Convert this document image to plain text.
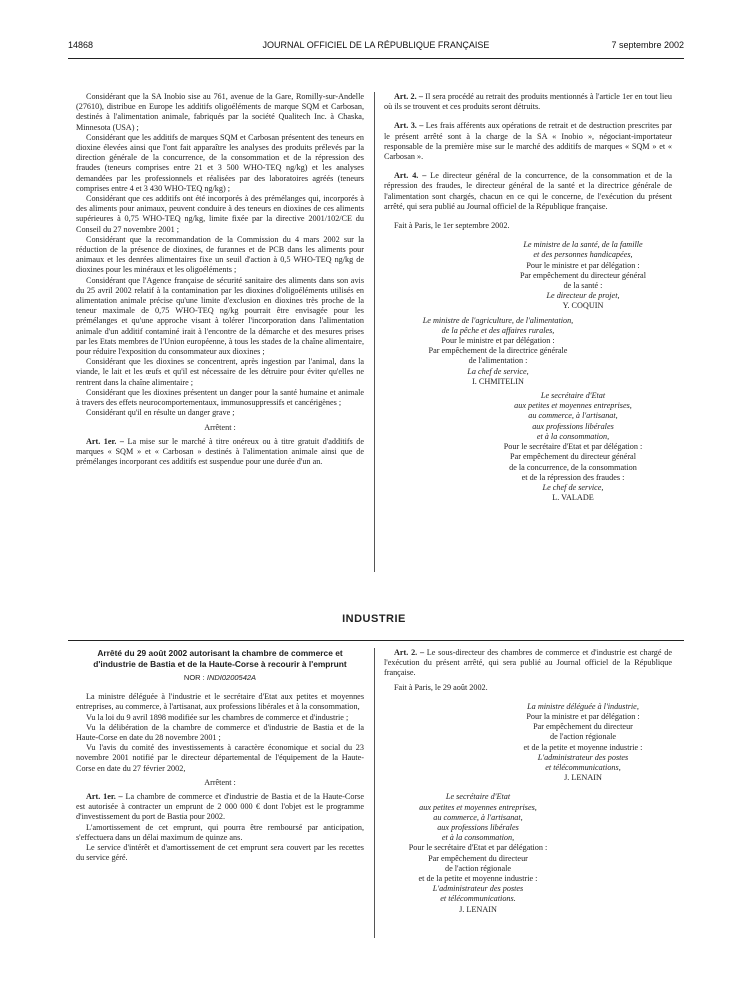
14868	JOURNAL OFFICIEL DE LA RÉPUBLIQUE FRANÇAISE	7 septembre 2002

Considérant que la SA Inobio sise au 761, avenue de la Gare, Romilly-sur-Andelle (27610), distribue en Europe les additifs oligoéléments de marque SQM et Carbosan, destinés à l'alimentation animale, fabriqués par la société Qualitech Inc. à Chaska, Minnesota (USA) ;

Considérant que les additifs de marques SQM et Carbosan présentent des teneurs en dioxine élevées ainsi que l'ont fait apparaître les analyses des produits prélevés par la direction générale de la concurrence, de la consommation et de la répression des fraudes (teneurs comprises entre 21 et 3 500 WHO-TEQ ng/kg) et les analyses demandées par les professionnels et réalisées par des laboratoires agréés (teneurs comprises entre 4 et 3 430 WHO-TEQ ng/kg) ;

Considérant que ces additifs ont été incorporés à des prémélanges qui, incorporés à des aliments pour animaux, peuvent conduire à des teneurs en dioxines de ces aliments supérieures à 0,75 WHO-TEQ ng/kg, limite fixée par la directive 2001/102/CE du Conseil du 27 novembre 2001 ;

Considérant que la recommandation de la Commission du 4 mars 2002 sur la réduction de la présence de dioxines, de furannes et de PCB dans les aliments pour animaux et les denrées alimentaires fixe un seuil d'action à 0,5 WHO-TEQ ng/kg de dioxines pour les minéraux et les oligoéléments ;

Considérant que l'Agence française de sécurité sanitaire des aliments dans son avis du 25 avril 2002 relatif à la contamination par les dioxines d'oligoéléments utilisés en alimentation animale précise qu'une limite d'exclusion en dioxines très proche de la teneur maximale de 0,75 WHO-TEQ ng/kg pourrait être envisagée pour les prémélanges et qu'une approche visant à tolérer l'incorporation dans l'alimentation animale d'un additif contaminé irait à l'encontre de la démarche et des mesures prises par les Etats membres de l'Union européenne, à tous les stades de la chaîne alimentaire, pour réduire l'exposition du consommateur aux dioxines ;

Considérant que les dioxines se concentrent, après ingestion par l'animal, dans la viande, le lait et les œufs et qu'il est nécessaire de les détruire pour éviter qu'elles ne rentrent dans la chaîne alimentaire ;

Considérant que les dioxines présentent un danger pour la santé humaine et animale à travers des effets neurocomportementaux, immunosuppressifs et cancérigènes ;

Considérant qu'il en résulte un danger grave ;

Arrêtent :

Art. 1er. – La mise sur le marché à titre onéreux ou à titre gratuit d'additifs de marques « SQM » et « Carbosan » destinés à l'alimentation animale ainsi que de prémélanges incorporant ces additifs est suspendue pour une durée d'un an.

Art. 2. – Il sera procédé au retrait des produits mentionnés à l'article 1er en tout lieu où ils se trouvent et ces produits seront détruits.

Art. 3. – Les frais afférents aux opérations de retrait et de destruction prescrites par le présent arrêté sont à la charge de la SA « Inobio », négociant-importateur responsable de la première mise sur le marché des additifs de marques « SQM » et « Carbosan ».

Art. 4. – Le directeur général de la concurrence, de la consommation et de la répression des fraudes, le directeur général de la santé et la directrice générale de l'alimentation sont chargés, chacun en ce qui le concerne, de l'exécution du présent arrêté, qui sera publié au Journal officiel de la République française.

Fait à Paris, le 1er septembre 2002.

Le ministre de la santé, de la famille
et des personnes handicapées,
Pour le ministre et par délégation :
Par empêchement du directeur général
de la santé :
Le directeur de projet,
Y. COQUIN
Le ministre de l'agriculture, de l'alimentation,
de la pêche et des affaires rurales,
Pour le ministre et par délégation :
Par empêchement de la directrice générale
de l'alimentation :
La chef de service,
I. CHMITELIN
Le secrétaire d'Etat
aux petites et moyennes entreprises,
au commerce, à l'artisanat,
aux professions libérales
et à la consommation,
Pour le secrétaire d'Etat et par délégation :
Par empêchement du directeur général
de la concurrence, de la consommation
et de la répression des fraudes :
Le chef de service,
L. VALADE
INDUSTRIE
Arrêté du 29 août 2002 autorisant la chambre de commerce et d'industrie de Bastia et de la Haute-Corse à recourir à l'emprunt
NOR : INDI0200542A

La ministre déléguée à l'industrie et le secrétaire d'Etat aux petites et moyennes entreprises, au commerce, à l'artisanat, aux professions libérales et à la consommation,

Vu la loi du 9 avril 1898 modifiée sur les chambres de commerce et d'industrie ;

Vu la délibération de la chambre de commerce et d'industrie de Bastia et de la Haute-Corse en date du 28 novembre 2001 ;

Vu l'avis du comité des investissements à caractère économique et social du 23 novembre 2001 notifié par le directeur départemental de l'équipement de la Haute-Corse en date du 27 février 2002,

Arrêtent :

Art. 1er. – La chambre de commerce et d'industrie de Bastia et de la Haute-Corse est autorisée à contracter un emprunt de 2 000 000 € dont l'objet est le programme d'investissement du port de Bastia pour 2002.

L'amortissement de cet emprunt, qui pourra être remboursé par anticipation, s'effectuera dans un délai maximum de quinze ans.

Le service d'intérêt et d'amortissement de cet emprunt sera couvert par les recettes du service géré.

Art. 2. – Le sous-directeur des chambres de commerce et d'industrie est chargé de l'exécution du présent arrêté, qui sera publié au Journal officiel de la République française.

Fait à Paris, le 29 août 2002.

La ministre déléguée à l'industrie,
Pour la ministre et par délégation :
Par empêchement du directeur
de l'action régionale
et de la petite et moyenne industrie :
L'administrateur des postes
et télécommunications,
J. LENAIN
Le secrétaire d'Etat
aux petites et moyennes entreprises,
au commerce, à l'artisanat,
aux professions libérales
et à la consommation,
Pour le secrétaire d'Etat et par délégation :
Par empêchement du directeur
de l'action régionale
et de la petite et moyenne industrie :
L'administrateur des postes
et télécommunications.
J. LENAIN
